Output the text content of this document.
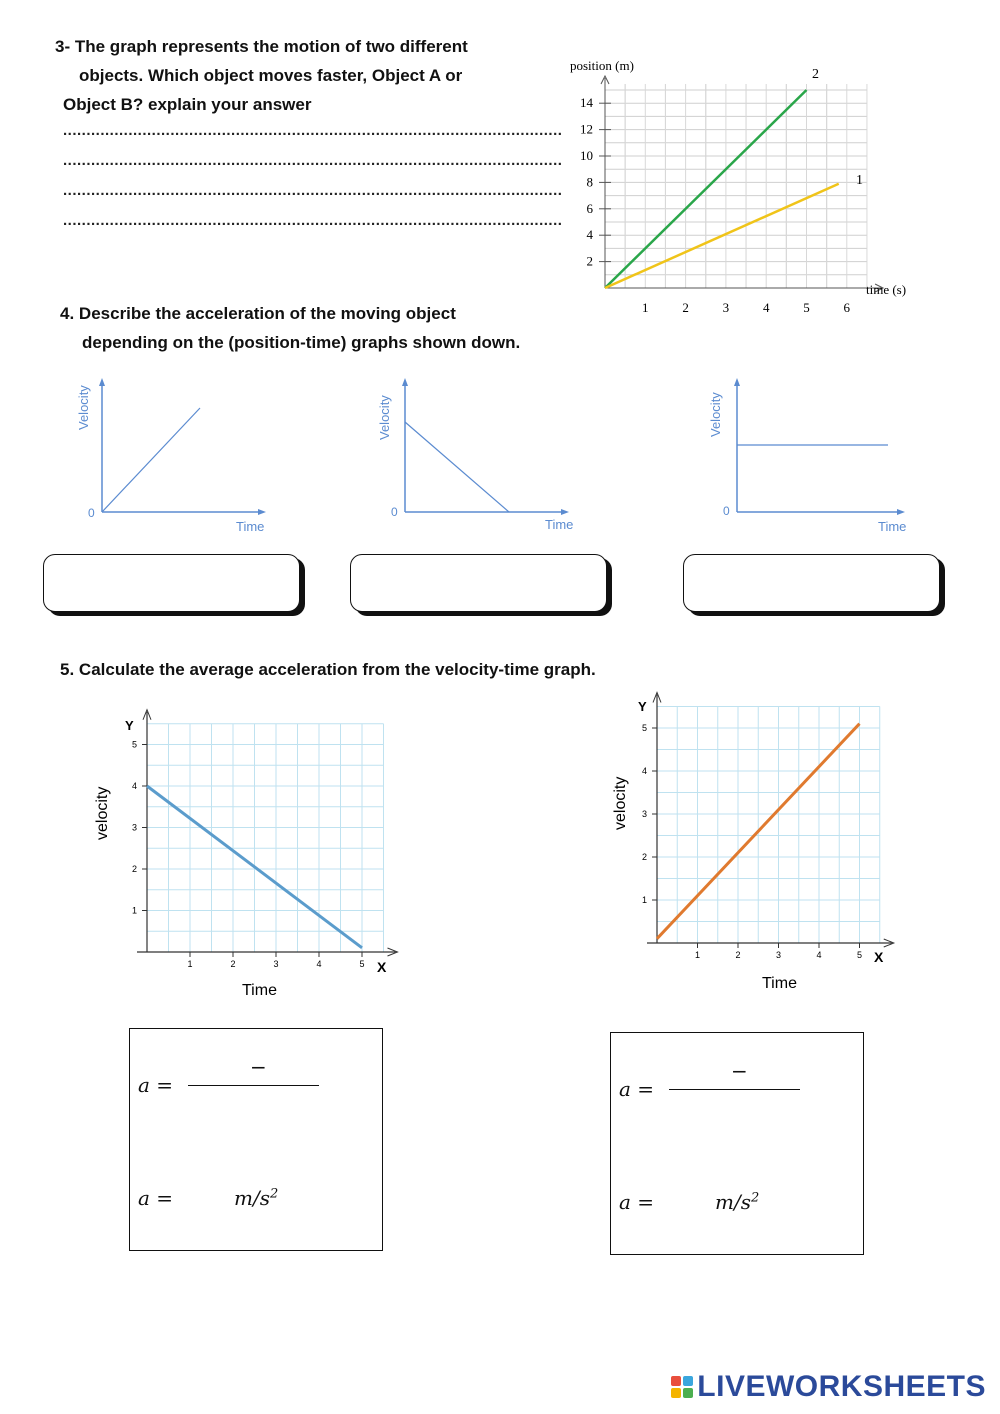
3- The graph represents the motion of two different
objects. Which object moves faster, Object A or
Object B? explain your answer
...........................................................................................................
...........................................................................................................
...........................................................................................................
...........................................................................................................
position (m)
time (s)
2
4
6
8
10
12
14
1	2	3	4	5	6
2
1
4. Describe the acceleration of the moving object
depending on the (position-time) graphs shown down.
Velocity
0
Time
Velocity
0
Time
Velocity
0
Time
5. Calculate the average acceleration from the velocity-time graph.
1
2
3
4
5
1	2	3	4	5
Y
X
velocity
Time
1
2
3
4
5
1	2	3	4	5
Y
X
velocity
Time
a =
−
a =	$m/s^2$
a =
−
a =	$m/s^2$
LIVEWORKSHEETS
